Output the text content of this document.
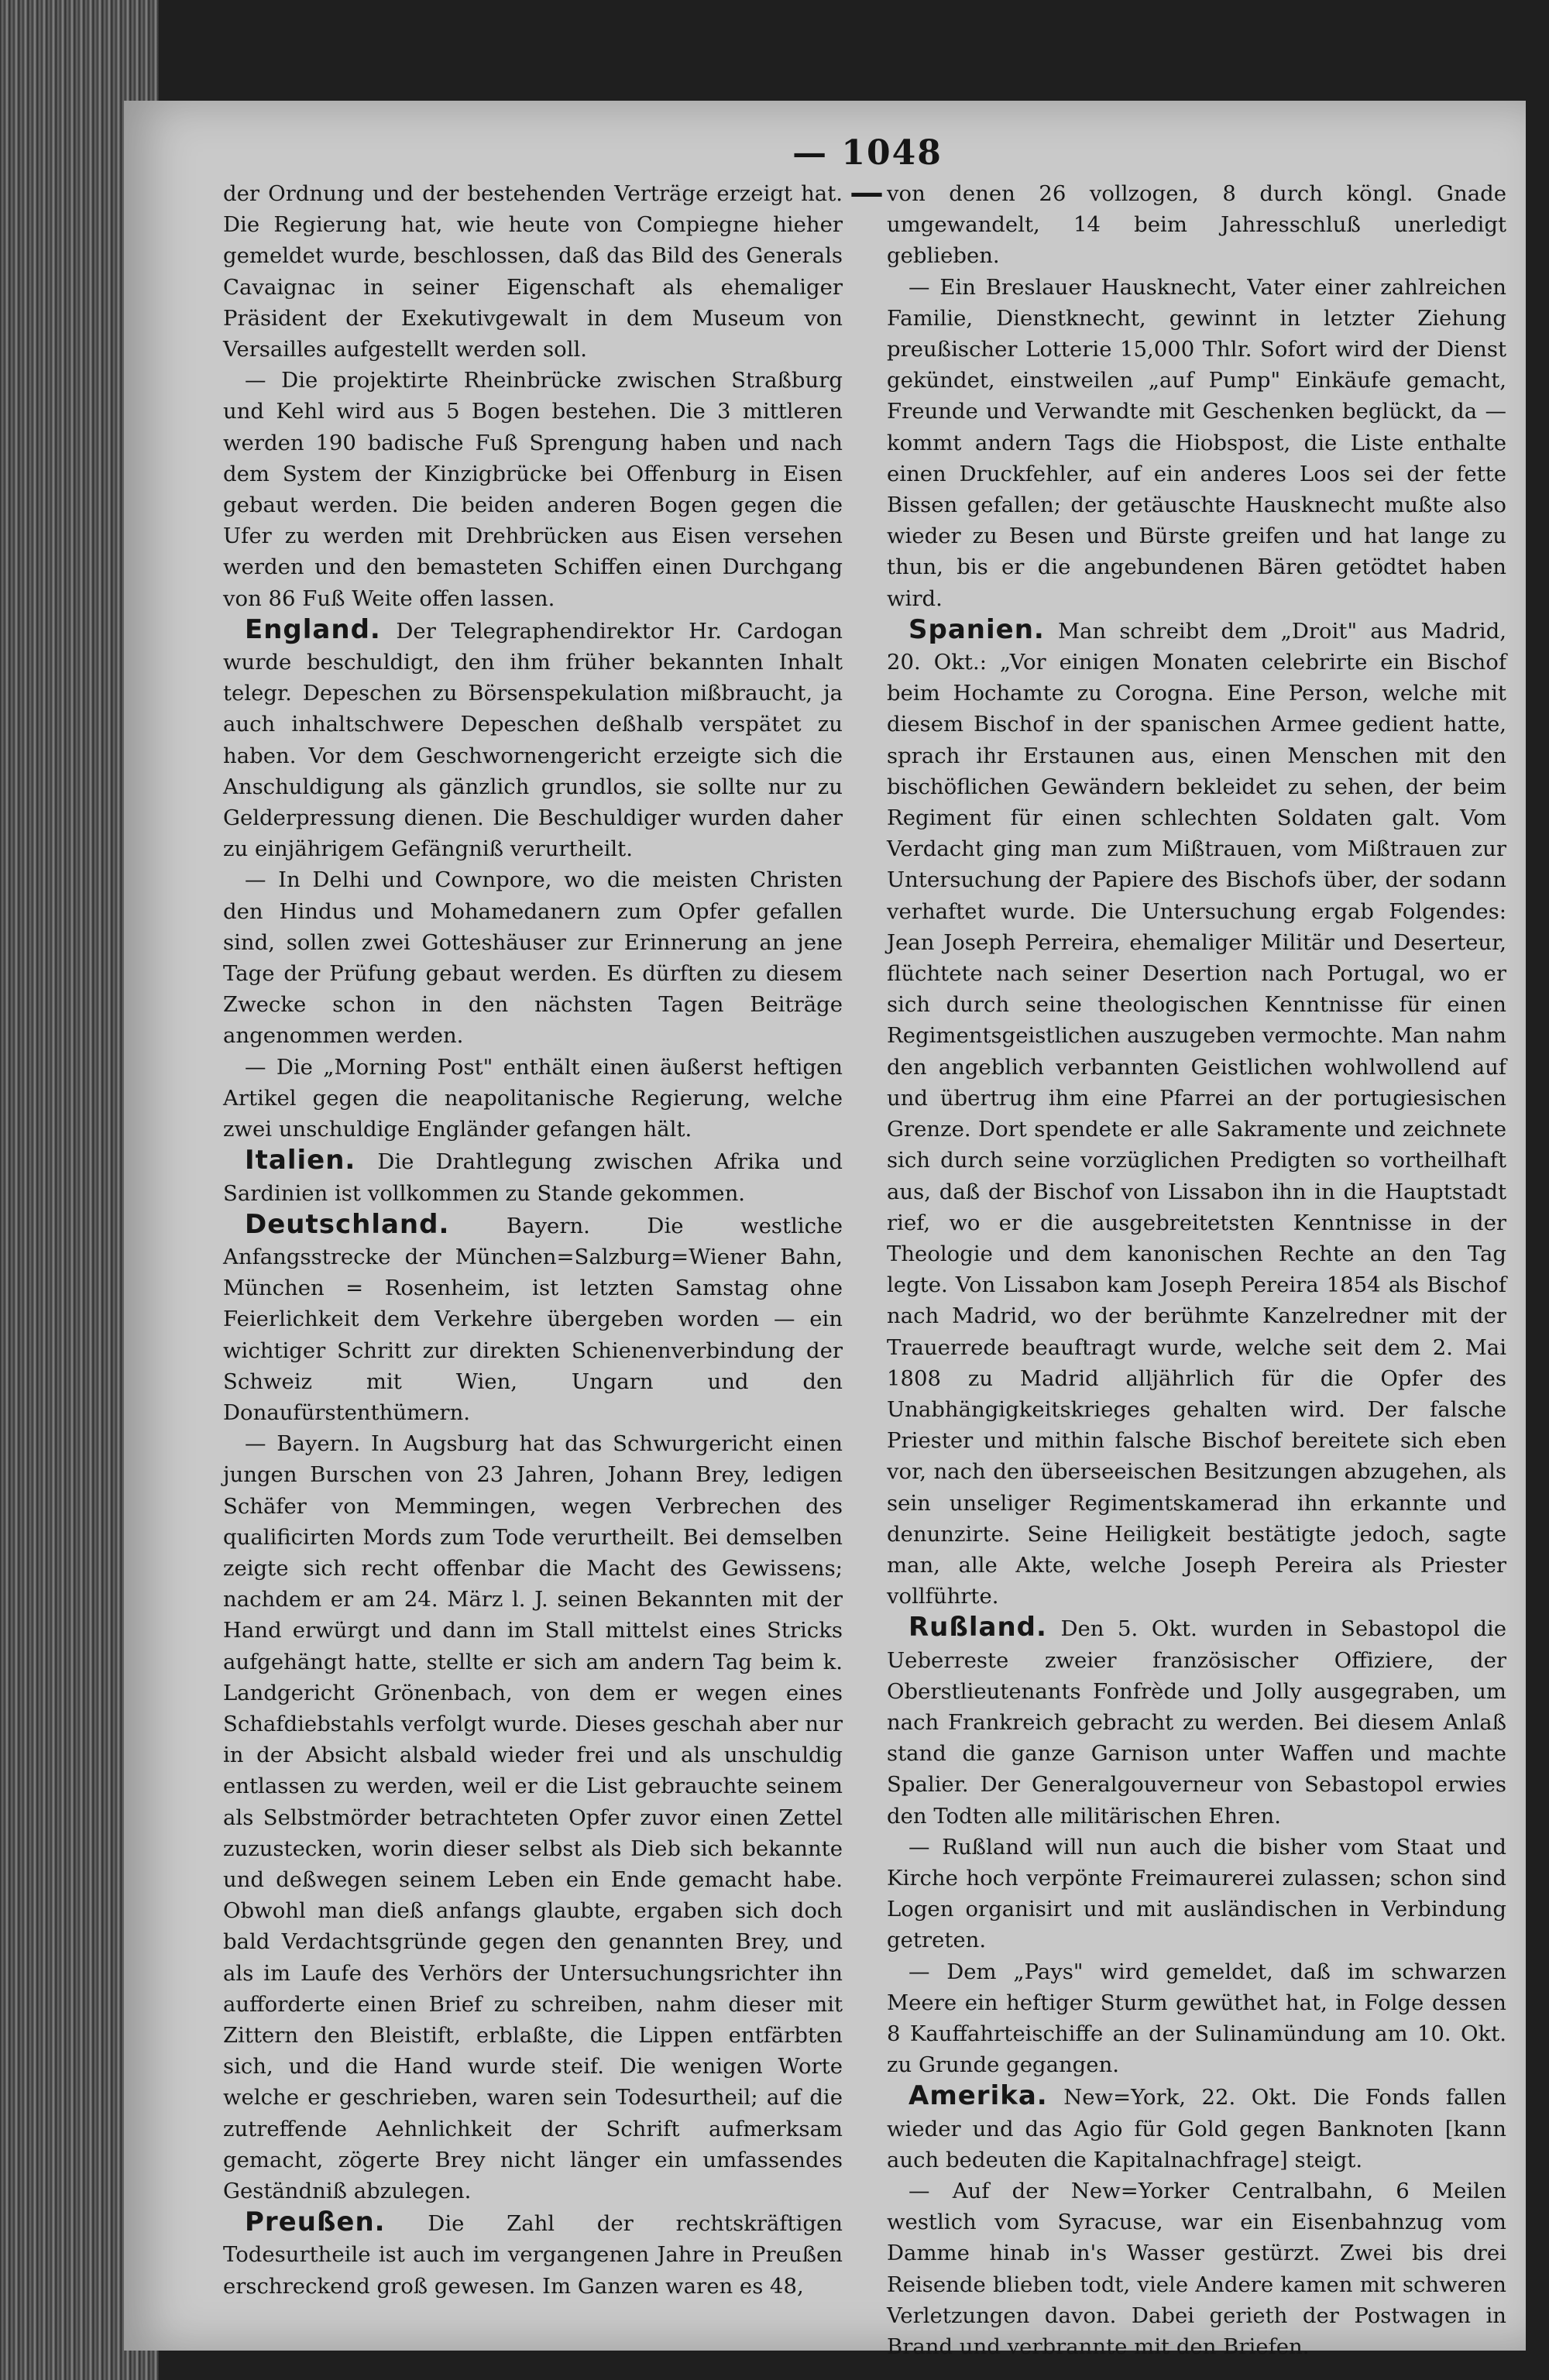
— 1048 —

der Ordnung und der bestehenden Verträge erzeigt hat. Die Regierung hat, wie heute von Compiegne hieher gemeldet wurde, beschlossen, daß das Bild des Generals Cavaignac in seiner Eigenschaft als ehemaliger Präsident der Exekutivgewalt in dem Museum von Versailles aufgestellt werden soll.

— Die projektirte Rheinbrücke zwischen Straßburg und Kehl wird aus 5 Bogen bestehen. Die 3 mittleren werden 190 badische Fuß Sprengung haben und nach dem System der Kinzigbrücke bei Offenburg in Eisen gebaut werden. Die beiden anderen Bogen gegen die Ufer zu werden mit Drehbrücken aus Eisen versehen werden und den bemasteten Schiffen einen Durchgang von 86 Fuß Weite offen lassen.

England. Der Telegraphendirektor Hr. Cardogan wurde beschuldigt, den ihm früher bekannten Inhalt telegr. Depeschen zu Börsenspekulation mißbraucht, ja auch inhaltschwere Depeschen deßhalb verspätet zu haben. Vor dem Geschwornengericht erzeigte sich die Anschuldigung als gänzlich grundlos, sie sollte nur zu Gelderpressung dienen. Die Beschuldiger wurden daher zu einjährigem Gefängniß verurtheilt.

— In Delhi und Cownpore, wo die meisten Christen den Hindus und Mohamedanern zum Opfer gefallen sind, sollen zwei Gotteshäuser zur Erinnerung an jene Tage der Prüfung gebaut werden. Es dürften zu diesem Zwecke schon in den nächsten Tagen Beiträge angenommen werden.

— Die „Morning Post" enthält einen äußerst heftigen Artikel gegen die neapolitanische Regierung, welche zwei unschuldige Engländer gefangen hält.

Italien. Die Drahtlegung zwischen Afrika und Sardinien ist vollkommen zu Stande gekommen.

Deutschland.	Bayern. Die westliche Anfangsstrecke der München=Salzburg=Wiener Bahn, München = Rosenheim, ist letzten Samstag ohne Feierlichkeit dem Verkehre übergeben worden — ein wichtiger Schritt zur direkten Schienenverbindung der Schweiz mit Wien, Ungarn und den Donaufürstenthümern.

— Bayern. In Augsburg hat das Schwurgericht einen jungen Burschen von 23 Jahren, Johann Brey, ledigen Schäfer von Memmingen, wegen Verbrechen des qualificirten Mords zum Tode verurtheilt. Bei demselben zeigte sich recht offenbar die Macht des Gewissens; nachdem er am 24. März l. J. seinen Bekannten mit der Hand erwürgt und dann im Stall mittelst eines Stricks aufgehängt hatte, stellte er sich am andern Tag beim k. Landgericht Grönenbach, von dem er wegen eines Schafdiebstahls verfolgt wurde. Dieses geschah aber nur in der Absicht alsbald wieder frei und als unschuldig entlassen zu werden, weil er die List gebrauchte seinem als Selbstmörder betrachteten Opfer zuvor einen Zettel zuzustecken, worin dieser selbst als Dieb sich bekannte und deßwegen seinem Leben ein Ende gemacht habe. Obwohl man dieß anfangs glaubte, ergaben sich doch bald Verdachtsgründe gegen den genannten Brey, und als im Laufe des Verhörs der Untersuchungsrichter ihn aufforderte einen Brief zu schreiben, nahm dieser mit Zittern den Bleistift, erblaßte, die Lippen entfärbten sich, und die Hand wurde steif. Die wenigen Worte welche er geschrieben, waren sein Todesurtheil; auf die zutreffende Aehnlichkeit der Schrift aufmerksam gemacht, zögerte Brey nicht länger ein umfassendes Geständniß abzulegen.

Preußen. Die Zahl der rechtskräftigen Todesurtheile ist auch im vergangenen Jahre in Preußen erschreckend groß gewesen. Im Ganzen waren es 48,

von denen 26 vollzogen, 8 durch köngl. Gnade umgewandelt, 14 beim Jahresschluß unerledigt geblieben.

— Ein Breslauer Hausknecht, Vater einer zahlreichen Familie, Dienstknecht, gewinnt in letzter Ziehung preußischer Lotterie 15,000 Thlr. Sofort wird der Dienst gekündet, einstweilen „auf Pump" Einkäufe gemacht, Freunde und Verwandte mit Geschenken beglückt, da — kommt andern Tags die Hiobspost, die Liste enthalte einen Druckfehler, auf ein anderes Loos sei der fette Bissen gefallen; der getäuschte Hausknecht mußte also wieder zu Besen und Bürste greifen und hat lange zu thun, bis er die angebundenen Bären getödtet haben wird.

Spanien. Man schreibt dem „Droit" aus Madrid, 20. Okt.: „Vor einigen Monaten celebrirte ein Bischof beim Hochamte zu Corogna. Eine Person, welche mit diesem Bischof in der spanischen Armee gedient hatte, sprach ihr Erstaunen aus, einen Menschen mit den bischöflichen Gewändern bekleidet zu sehen, der beim Regiment für einen schlechten Soldaten galt. Vom Verdacht ging man zum Mißtrauen, vom Mißtrauen zur Untersuchung der Papiere des Bischofs über, der sodann verhaftet wurde. Die Untersuchung ergab Folgendes: Jean Joseph Perreira, ehemaliger Militär und Deserteur, flüchtete nach seiner Desertion nach Portugal, wo er sich durch seine theologischen Kenntnisse für einen Regimentsgeistlichen auszugeben vermochte. Man nahm den angeblich verbannten Geistlichen wohlwollend auf und übertrug ihm eine Pfarrei an der portugiesischen Grenze. Dort spendete er alle Sakramente und zeichnete sich durch seine vorzüglichen Predigten so vortheilhaft aus, daß der Bischof von Lissabon ihn in die Hauptstadt rief, wo er die ausgebreitetsten Kenntnisse in der Theologie und dem kanonischen Rechte an den Tag legte. Von Lissabon kam Joseph Pereira 1854 als Bischof nach Madrid, wo der berühmte Kanzelredner mit der Trauerrede beauftragt wurde, welche seit dem 2. Mai 1808 zu Madrid alljährlich für die Opfer des Unabhängigkeitskrieges gehalten wird. Der falsche Priester und mithin falsche Bischof bereitete sich eben vor, nach den überseeischen Besitzungen abzugehen, als sein unseliger Regimentskamerad ihn erkannte und denunzirte. Seine Heiligkeit bestätigte jedoch, sagte man, alle Akte, welche Joseph Pereira als Priester vollführte.

Rußland. Den 5. Okt. wurden in Sebastopol die Ueberreste zweier französischer Offiziere, der Oberstlieutenants Fonfrède und Jolly ausgegraben, um nach Frankreich gebracht zu werden. Bei diesem Anlaß stand die ganze Garnison unter Waffen und machte Spalier. Der Generalgouverneur von Sebastopol erwies den Todten alle militärischen Ehren.

— Rußland will nun auch die bisher vom Staat und Kirche hoch verpönte Freimaurerei zulassen; schon sind Logen organisirt und mit ausländischen in Verbindung getreten.

— Dem „Pays" wird gemeldet, daß im schwarzen Meere ein heftiger Sturm gewüthet hat, in Folge dessen 8 Kauffahrteischiffe an der Sulinamündung am 10. Okt. zu Grunde gegangen.

Amerika. New=York, 22. Okt. Die Fonds fallen wieder und das Agio für Gold gegen Banknoten [kann auch bedeuten die Kapitalnachfrage] steigt.

— Auf der New=Yorker Centralbahn, 6 Meilen westlich vom Syracuse, war ein Eisenbahnzug vom Damme hinab in's Wasser gestürzt. Zwei bis drei Reisende blieben todt, viele Andere kamen mit schweren Verletzungen davon. Dabei gerieth der Postwagen in Brand und verbrannte mit den Briefen.
